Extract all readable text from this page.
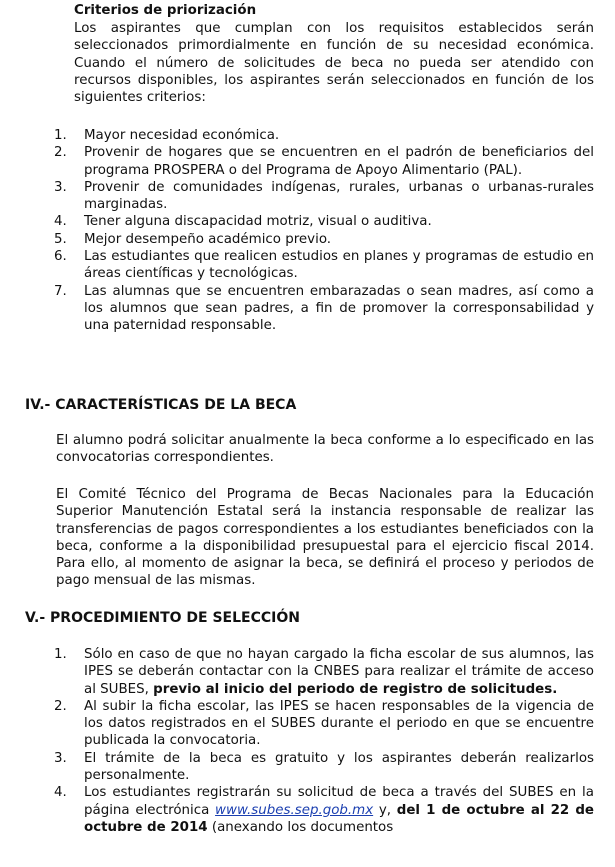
Criterios de priorización

Los aspirantes que cumplan con los requisitos establecidos serán seleccionados primordialmente en función de su necesidad económica. Cuando el número de solicitudes de beca no pueda ser atendido con recursos disponibles, los aspirantes serán seleccionados en función de los siguientes criterios:

1. Mayor necesidad económica.
2. Provenir de hogares que se encuentren en el padrón de beneficiarios del programa PROSPERA o del Programa de Apoyo Alimentario (PAL).
3. Provenir de comunidades indígenas, rurales, urbanas o urbanas-rurales marginadas.
4. Tener alguna discapacidad motriz, visual o auditiva.
5. Mejor desempeño académico previo.
6. Las estudiantes que realicen estudios en planes y programas de estudio en áreas científicas y tecnológicas.
7. Las alumnas que se encuentren embarazadas o sean madres, así como a los alumnos que sean padres, a fin de promover la corresponsabilidad y una paternidad responsable.

IV.- CARACTERÍSTICAS DE LA BECA

El alumno podrá solicitar anualmente la beca conforme a lo especificado en las convocatorias correspondientes.

El Comité Técnico del Programa de Becas Nacionales para la Educación Superior Manutención Estatal será la instancia responsable de realizar las transferencias de pagos correspondientes a los estudiantes beneficiados con la beca, conforme a la disponibilidad presupuestal para el ejercicio fiscal 2014. Para ello, al momento de asignar la beca, se definirá el proceso y periodos de pago mensual de las mismas.

V.- PROCEDIMIENTO DE SELECCIÓN

1. Sólo en caso de que no hayan cargado la ficha escolar de sus alumnos, las IPES se deberán contactar con la CNBES para realizar el trámite de acceso al SUBES, previo al inicio del periodo de registro de solicitudes.
2. Al subir la ficha escolar, las IPES se hacen responsables de la vigencia de los datos registrados en el SUBES durante el periodo en que se encuentre publicada la convocatoria.
3. El trámite de la beca es gratuito y los aspirantes deberán realizarlos personalmente.
4. Los estudiantes registrarán su solicitud de beca a través del SUBES en la página electrónica www.subes.sep.gob.mx y, del 1 de octubre al 22 de octubre de 2014 (anexando los documentos
